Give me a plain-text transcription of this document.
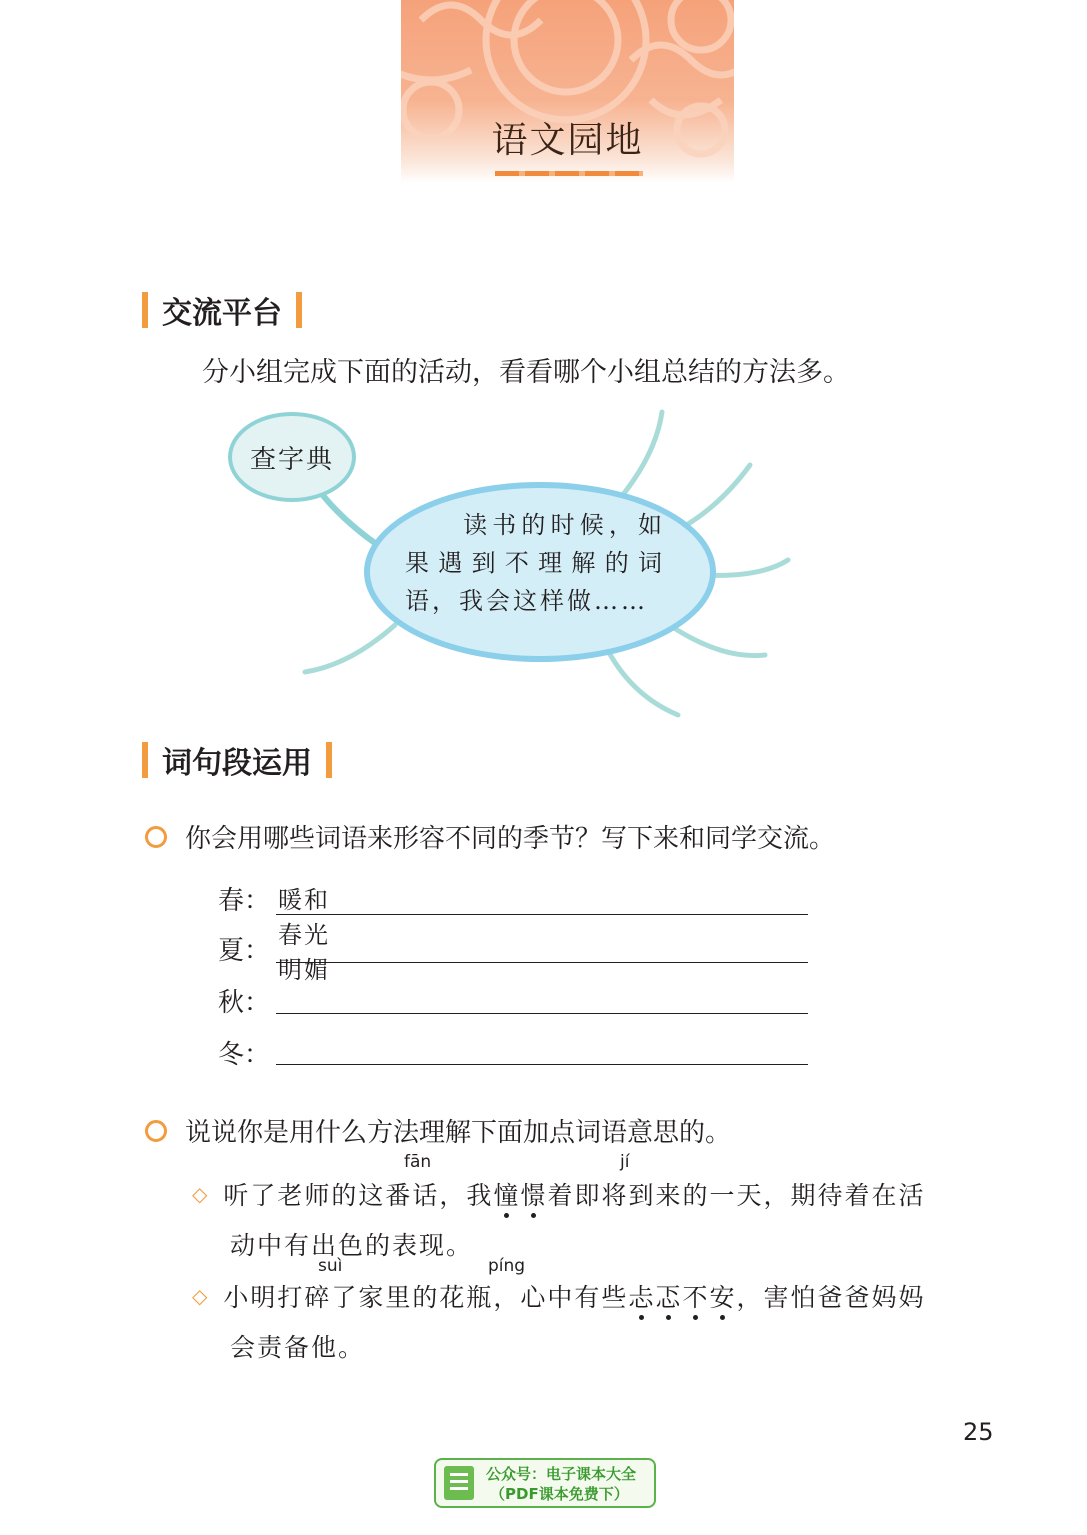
语文园地
交流平台
分小组完成下面的活动，看看哪个小组总结的方法多。
查字典
读书的时候，如果遇到不理解的词语，我会这样做……
词句段运用
你会用哪些词语来形容不同的季节？写下来和同学交流。
春： 暖和　春光明媚
夏：
秋：
冬：
说说你是用什么方法理解下面加点词语意思的。
fān	jí
◇ 听了老师的这番话，我憧憬着即将到来的一天，期待着在活
动中有出色的表现。
suì	píng
◇ 小明打碎了家里的花瓶，心中有些忐忑不安，害怕爸爸妈妈
会责备他。
25
公众号：电子课本大全
（PDF课本免费下）
